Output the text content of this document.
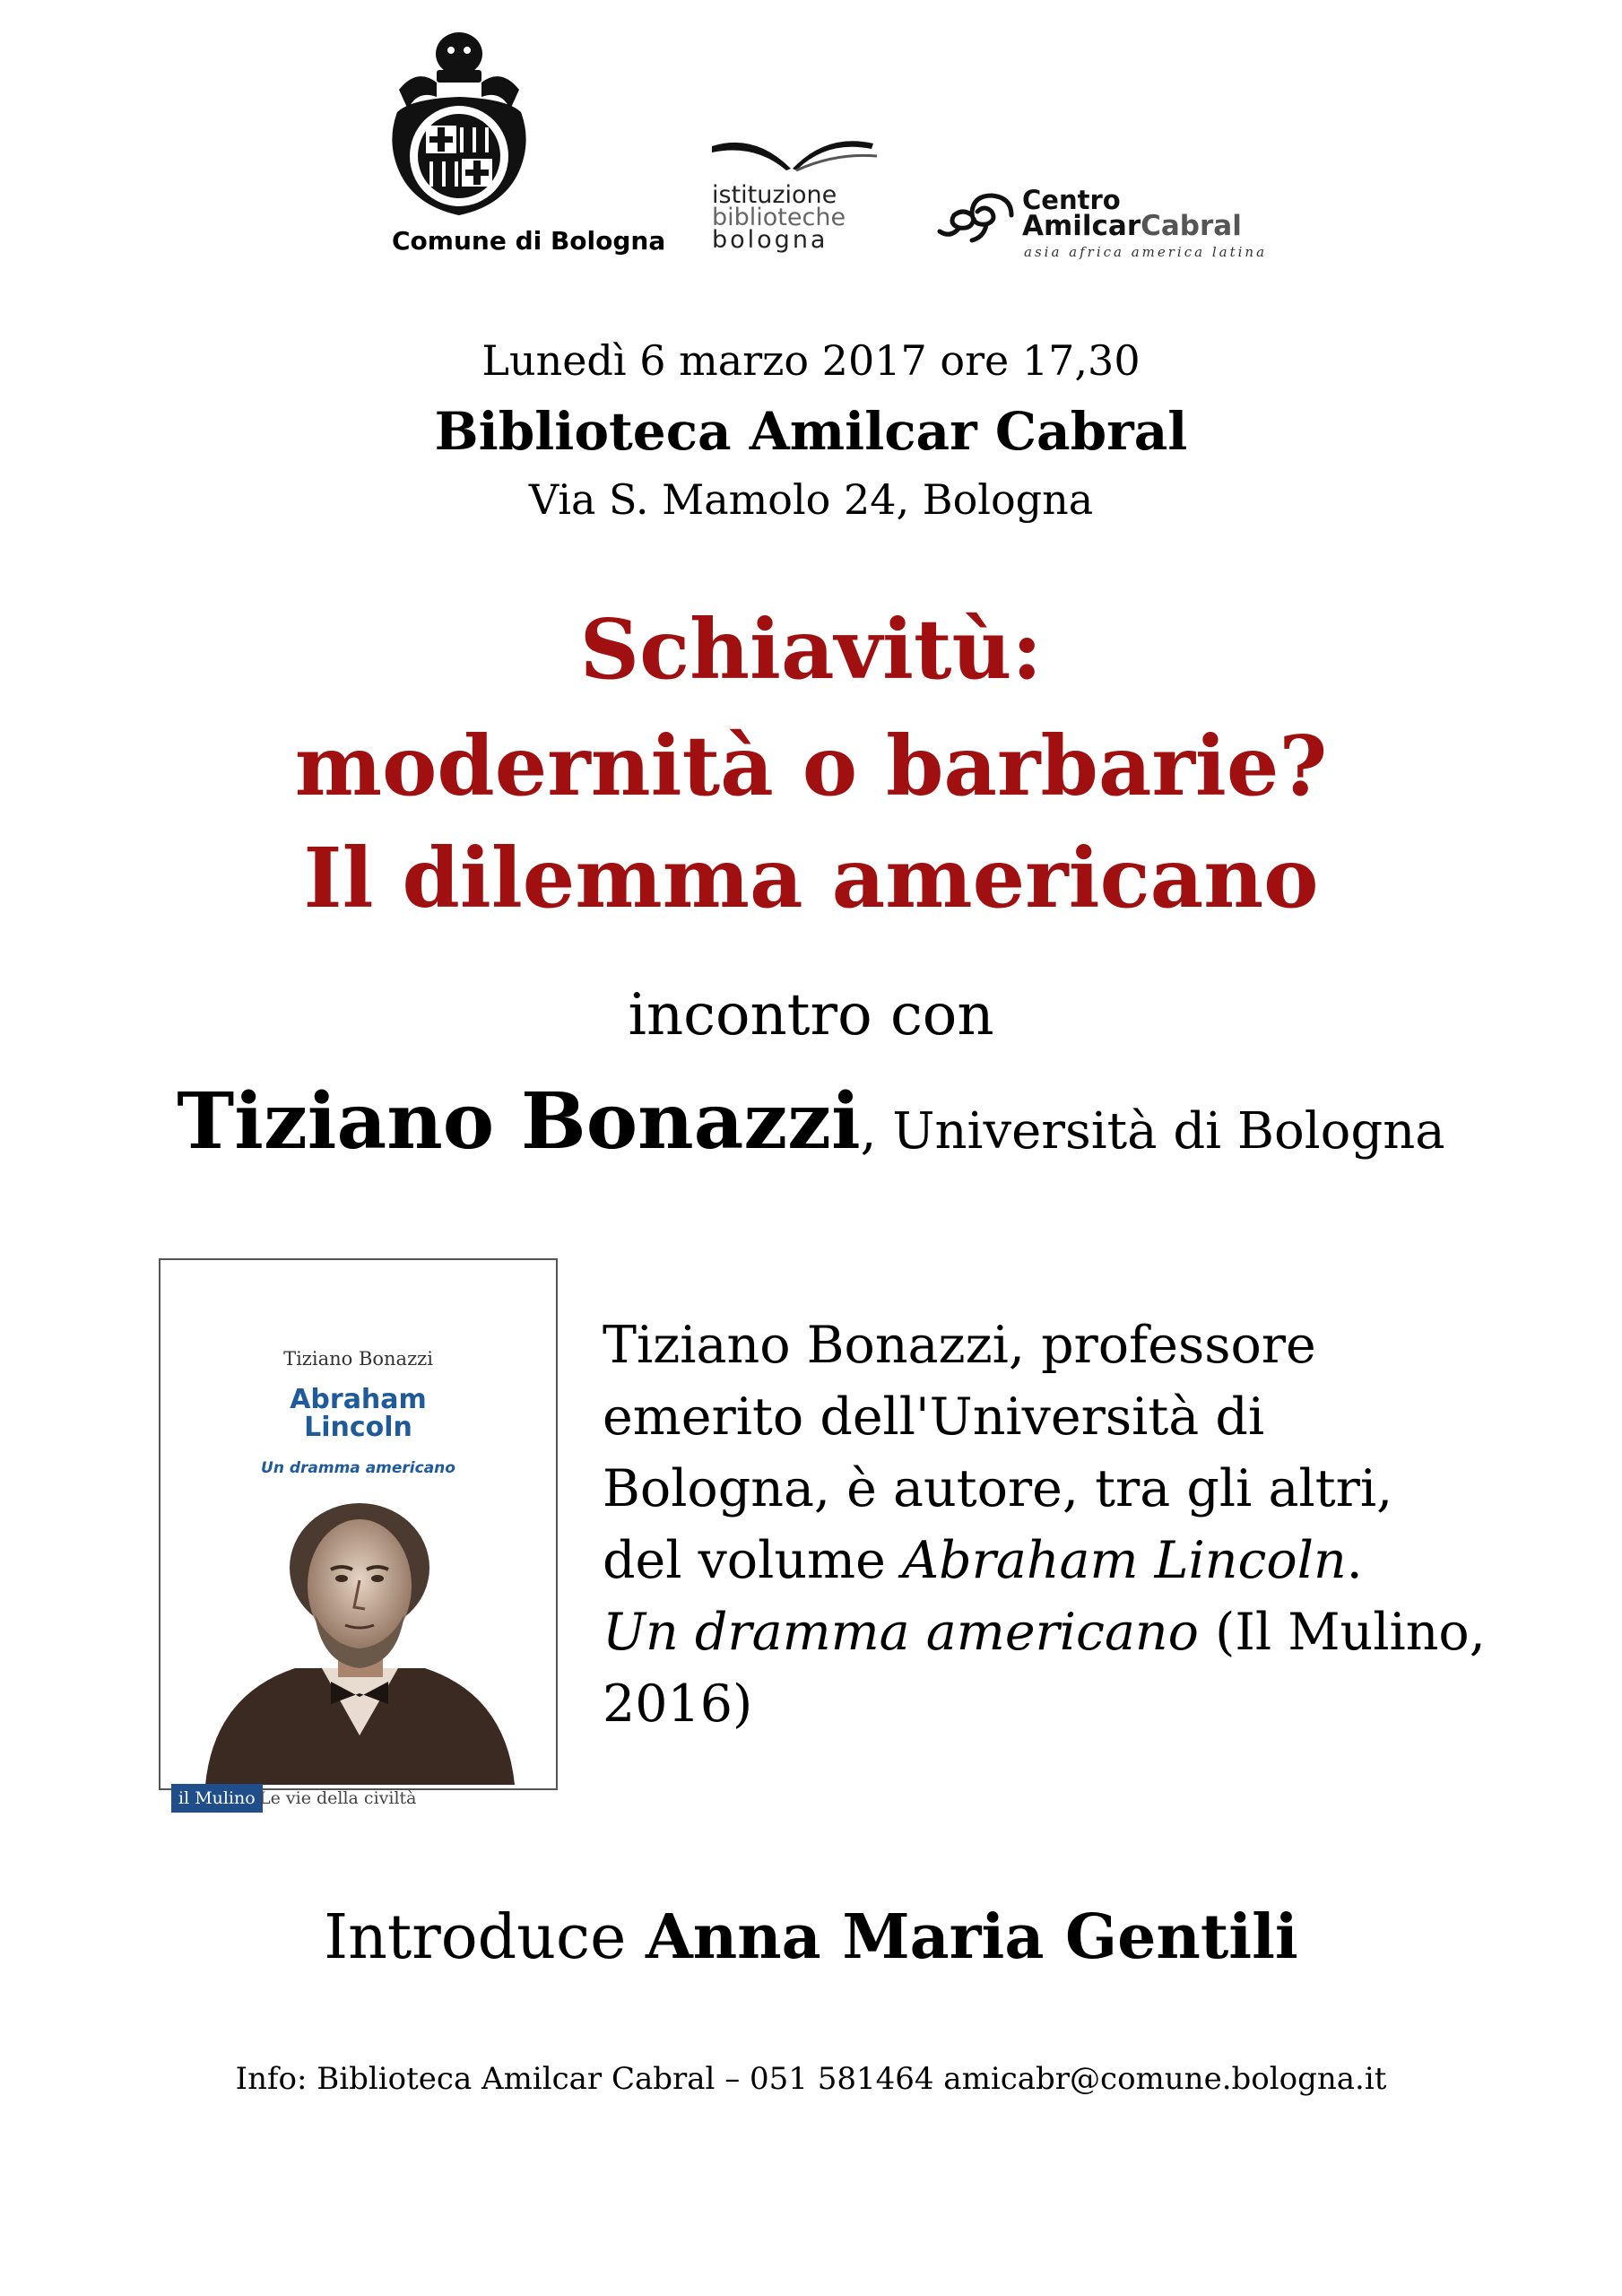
Comune di Bologna
istituzione
biblioteche
bologna
Centro
AmilcarCabral
asia africa america latina
Lunedì 6 marzo 2017 ore 17,30
Biblioteca Amilcar Cabral
Via S. Mamolo 24, Bologna
Schiavitù:
modernità o barbarie?
Il dilemma americano
incontro con
Tiziano Bonazzi, Università di Bologna
Tiziano Bonazzi
Abraham
Lincoln
Un dramma americano
il Mulino Le vie della civiltà

Tiziano Bonazzi, professore

emerito dell'Università di

Bologna, è autore, tra gli altri,

del volume Abraham Lincoln.

Un dramma americano (Il Mulino,

2016)

Introduce Anna Maria Gentili
Info: Biblioteca Amilcar Cabral – 051 581464 amicabr@comune.bologna.it
